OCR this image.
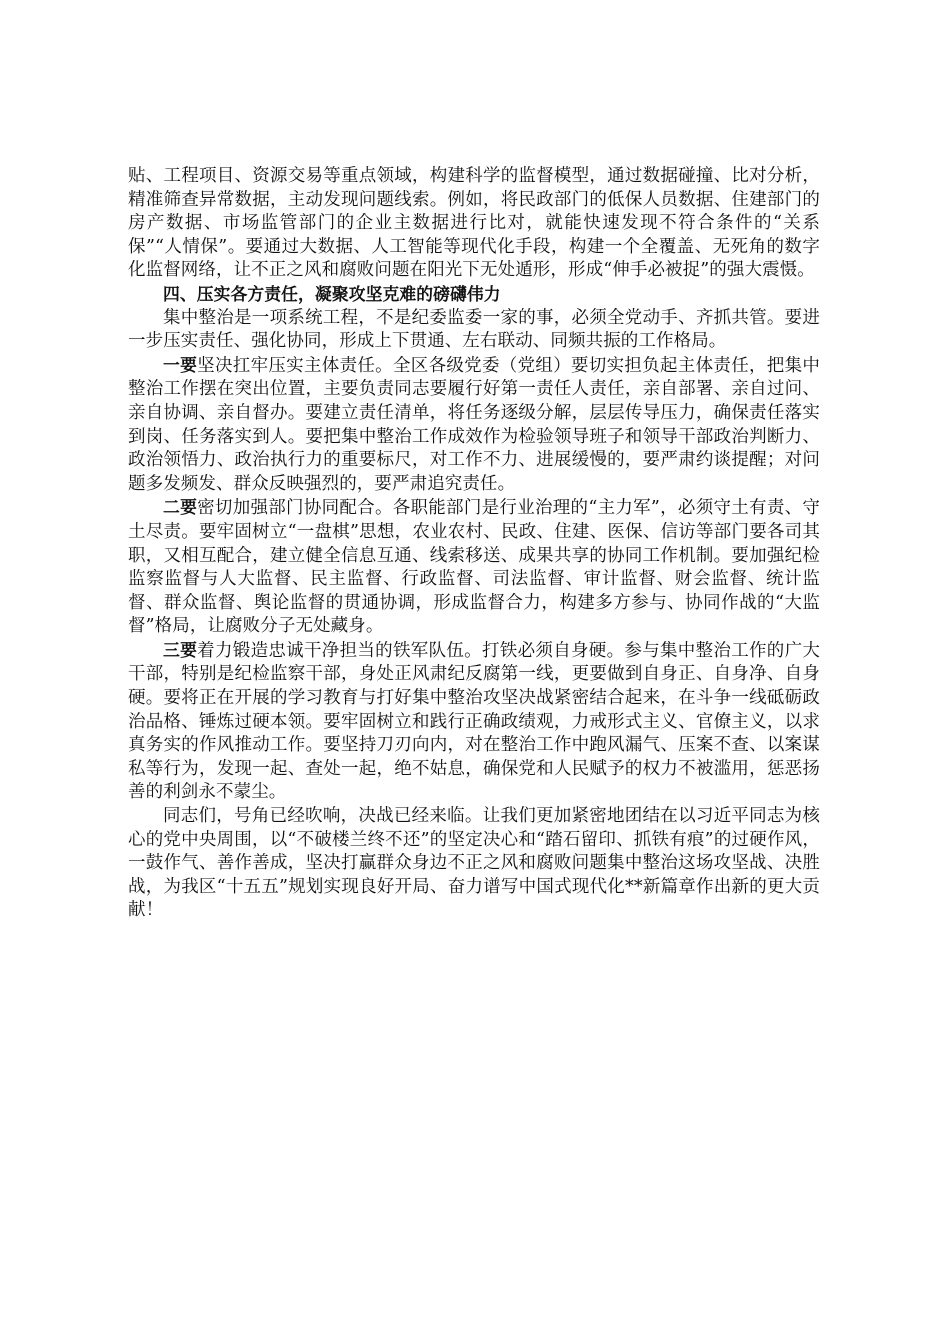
贴、工程项目、资源交易等重点领域，构建科学的监督模型，通过数据碰撞、比对分析，精准筛查异常数据，主动发现问题线索。例如，将民政部门的低保人员数据、住建部门的房产数据、市场监管部门的企业主数据进行比对，就能快速发现不符合条件的“关系保”“人情保”。要通过大数据、人工智能等现代化手段，构建一个全覆盖、无死角的数字化监督网络，让不正之风和腐败问题在阳光下无处遁形，形成“伸手必被捉”的强大震慑。

四、压实各方责任，凝聚攻坚克难的磅礴伟力

集中整治是一项系统工程，不是纪委监委一家的事，必须全党动手、齐抓共管。要进一步压实责任、强化协同，形成上下贯通、左右联动、同频共振的工作格局。

一要坚决扛牢压实主体责任。全区各级党委（党组）要切实担负起主体责任，把集中整治工作摆在突出位置，主要负责同志要履行好第一责任人责任，亲自部署、亲自过问、亲自协调、亲自督办。要建立责任清单，将任务逐级分解，层层传导压力，确保责任落实到岗、任务落实到人。要把集中整治工作成效作为检验领导班子和领导干部政治判断力、政治领悟力、政治执行力的重要标尺，对工作不力、进展缓慢的，要严肃约谈提醒；对问题多发频发、群众反映强烈的，要严肃追究责任。

二要密切加强部门协同配合。各职能部门是行业治理的“主力军”，必须守土有责、守土尽责。要牢固树立“一盘棋”思想，农业农村、民政、住建、医保、信访等部门要各司其职，又相互配合，建立健全信息互通、线索移送、成果共享的协同工作机制。要加强纪检监察监督与人大监督、民主监督、行政监督、司法监督、审计监督、财会监督、统计监督、群众监督、舆论监督的贯通协调，形成监督合力，构建多方参与、协同作战的“大监督”格局，让腐败分子无处藏身。

三要着力锻造忠诚干净担当的铁军队伍。打铁必须自身硬。参与集中整治工作的广大干部，特别是纪检监察干部，身处正风肃纪反腐第一线，更要做到自身正、自身净、自身硬。要将正在开展的学习教育与打好集中整治攻坚决战紧密结合起来，在斗争一线砥砺政治品格、锤炼过硬本领。要牢固树立和践行正确政绩观，力戒形式主义、官僚主义，以求真务实的作风推动工作。要坚持刀刃向内，对在整治工作中跑风漏气、压案不查、以案谋私等行为，发现一起、查处一起，绝不姑息，确保党和人民赋予的权力不被滥用，惩恶扬善的利剑永不蒙尘。

同志们，号角已经吹响，决战已经来临。让我们更加紧密地团结在以习近平同志为核心的党中央周围，以“不破楼兰终不还”的坚定决心和“踏石留印、抓铁有痕”的过硬作风，一鼓作气、善作善成，坚决打赢群众身边不正之风和腐败问题集中整治这场攻坚战、决胜战，为我区“十五五”规划实现良好开局、奋力谱写中国式现代化**新篇章作出新的更大贡献！
